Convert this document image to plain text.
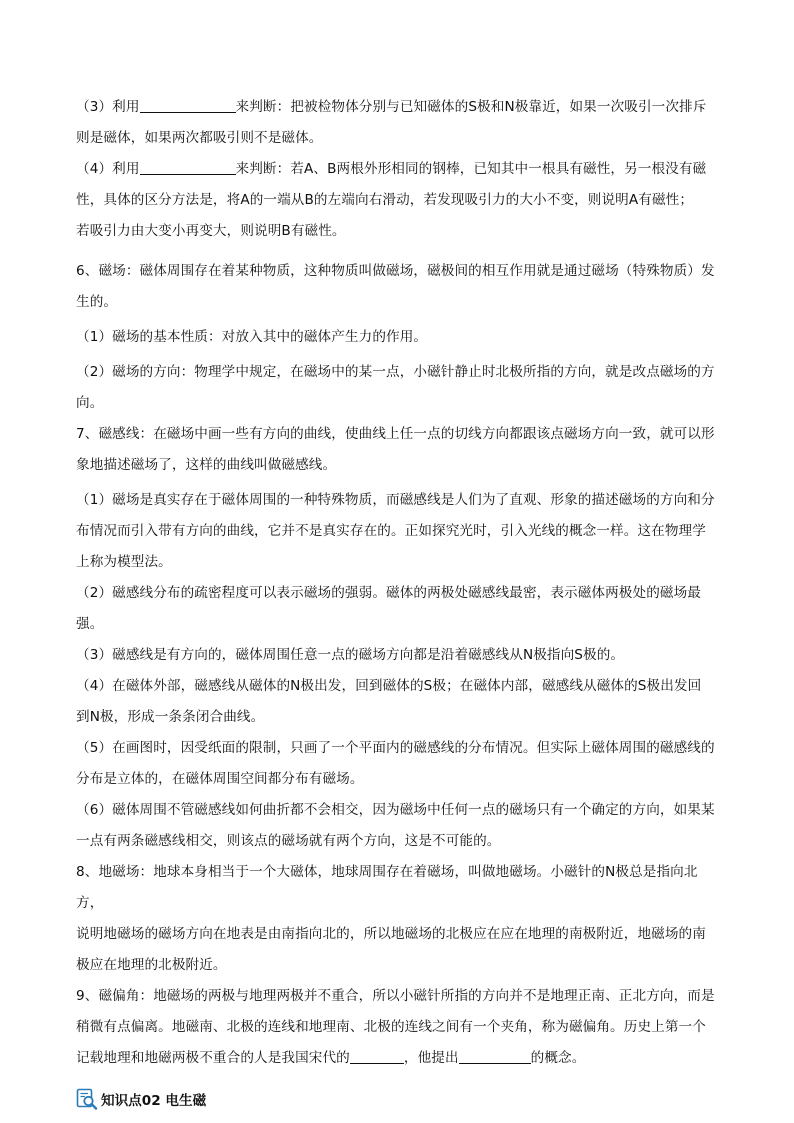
（3）利用	来判断：把被检物体分别与已知磁体的S极和N极靠近，如果一次吸引一次排斥
则是磁体，如果两次都吸引则不是磁体。

（4）利用	来判断：若A、B两根外形相同的钢棒，已知其中一根具有磁性，另一根没有磁
性，具体的区分方法是，将A的一端从B的左端向右滑动，若发现吸引力的大小不变，则说明A有磁性；
若吸引力由大变小再变大，则说明B有磁性。

6、磁场：磁体周围存在着某种物质，这种物质叫做磁场，磁极间的相互作用就是通过磁场（特殊物质）发
生的。

（1）磁场的基本性质：对放入其中的磁体产生力的作用。

（2）磁场的方向：物理学中规定，在磁场中的某一点，小磁针静止时北极所指的方向，就是改点磁场的方
向。

7、磁感线：在磁场中画一些有方向的曲线，使曲线上任一点的切线方向都跟该点磁场方向一致，就可以形
象地描述磁场了，这样的曲线叫做磁感线。

（1）磁场是真实存在于磁体周围的一种特殊物质，而磁感线是人们为了直观、形象的描述磁场的方向和分
布情况而引入带有方向的曲线，它并不是真实存在的。正如探究光时，引入光线的概念一样。这在物理学
上称为模型法。

（2）磁感线分布的疏密程度可以表示磁场的强弱。磁体的两极处磁感线最密，表示磁体两极处的磁场最强。

（3）磁感线是有方向的，磁体周围任意一点的磁场方向都是沿着磁感线从N极指向S极的。

（4）在磁体外部，磁感线从磁体的N极出发，回到磁体的S极；在磁体内部，磁感线从磁体的S极出发回
到N极，形成一条条闭合曲线。

（5）在画图时，因受纸面的限制，只画了一个平面内的磁感线的分布情况。但实际上磁体周围的磁感线的
分布是立体的，在磁体周围空间都分布有磁场。

（6）磁体周围不管磁感线如何曲折都不会相交，因为磁场中任何一点的磁场只有一个确定的方向，如果某
一点有两条磁感线相交，则该点的磁场就有两个方向，这是不可能的。

8、地磁场：地球本身相当于一个大磁体，地球周围存在着磁场，叫做地磁场。小磁针的N极总是指向北方，
说明地磁场的磁场方向在地表是由南指向北的，所以地磁场的北极应在应在地理的南极附近，地磁场的南
极应在地理的北极附近。

9、磁偏角：地磁场的两极与地理两极并不重合，所以小磁针所指的方向并不是地理正南、正北方向，而是
稍微有点偏离。地磁南、北极的连线和地理南、北极的连线之间有一个夹角，称为磁偏角。历史上第一个
记载地理和地磁两极不重合的人是我国宋代的	，他提出	的概念。

知识点02 电生磁
